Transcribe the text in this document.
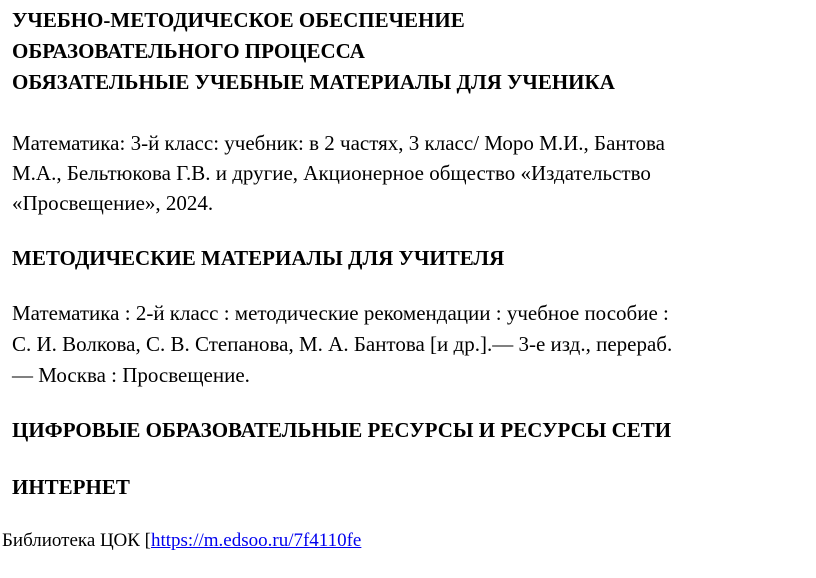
УЧЕБНО-МЕТОДИЧЕСКОЕ ОБЕСПЕЧЕНИЕ
ОБРАЗОВАТЕЛЬНОГО ПРОЦЕССА
ОБЯЗАТЕЛЬНЫЕ УЧЕБНЫЕ МАТЕРИАЛЫ ДЛЯ УЧЕНИКА
Математика: 3-й класс: учебник: в 2 частях, 3 класс/ Моро М.И., Бантова
М.А., Бельтюкова Г.В. и другие, Акционерное общество «Издательство
«Просвещение», 2024.
МЕТОДИЧЕСКИЕ МАТЕРИАЛЫ ДЛЯ УЧИТЕЛЯ
Математика : 2-й класс : методические рекомендации : учебное пособие :
С. И. Волкова, С. В. Степанова, М. А. Бантова [и др.].— 3-е изд., перераб.
— Москва : Просвещение.
ЦИФРОВЫЕ ОБРАЗОВАТЕЛЬНЫЕ РЕСУРСЫ И РЕСУРСЫ СЕТИ
ИНТЕРНЕТ
Библиотека ЦОК [https://m.edsoo.ru/7f4110fe
